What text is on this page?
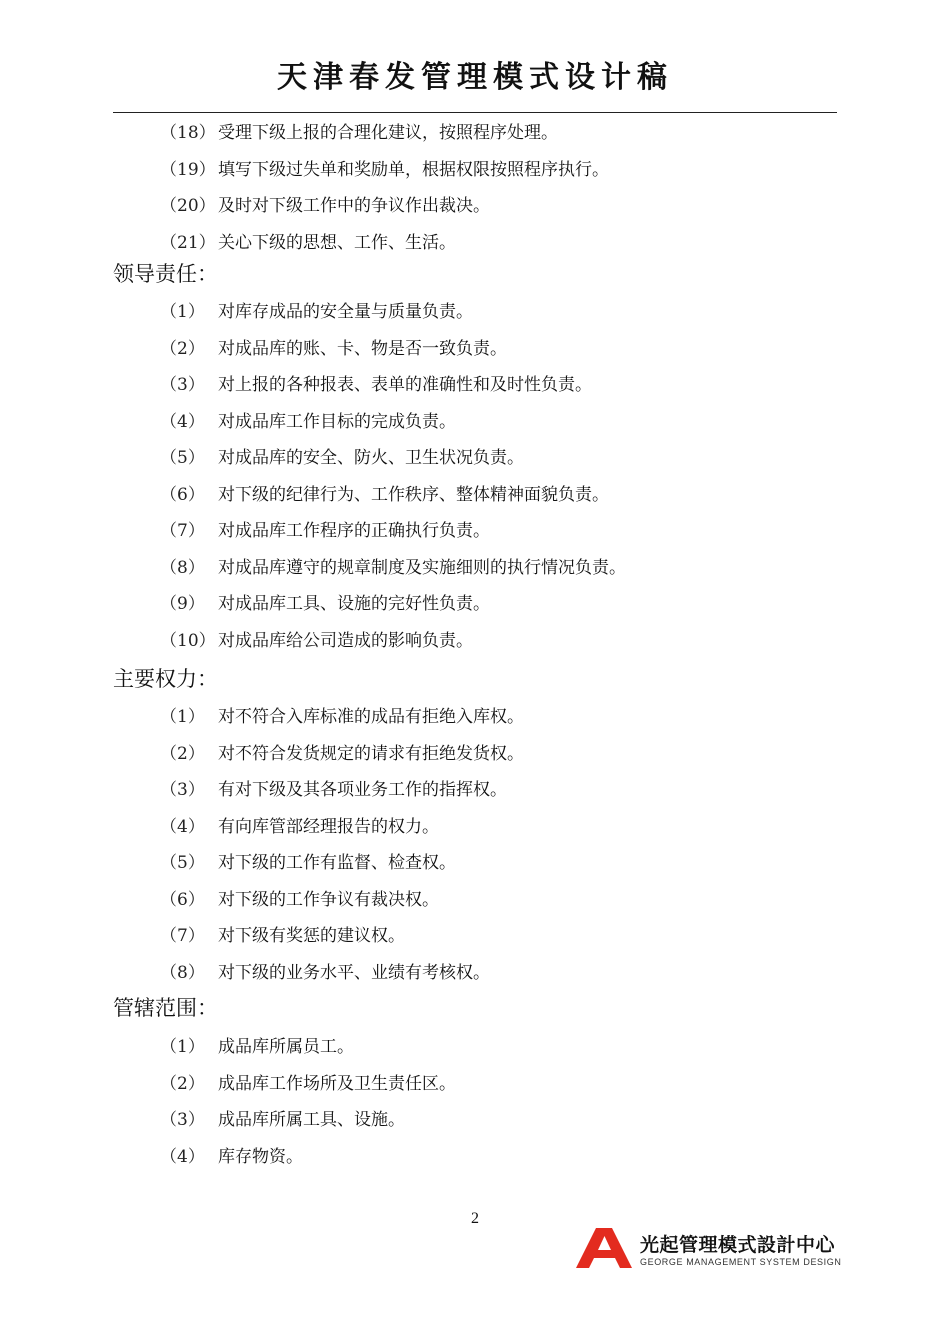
天津春发管理模式设计稿
（18） 受理下级上报的合理化建议，按照程序处理。
（19） 填写下级过失单和奖励单，根据权限按照程序执行。
（20） 及时对下级工作中的争议作出裁决。
（21） 关心下级的思想、工作、生活。
领导责任：
（1） 对库存成品的安全量与质量负责。
（2） 对成品库的账、卡、物是否一致负责。
（3） 对上报的各种报表、表单的准确性和及时性负责。
（4） 对成品库工作目标的完成负责。
（5） 对成品库的安全、防火、卫生状况负责。
（6） 对下级的纪律行为、工作秩序、整体精神面貌负责。
（7） 对成品库工作程序的正确执行负责。
（8） 对成品库遵守的规章制度及实施细则的执行情况负责。
（9） 对成品库工具、设施的完好性负责。
（10） 对成品库给公司造成的影响负责。
主要权力：
（1） 对不符合入库标准的成品有拒绝入库权。
（2） 对不符合发货规定的请求有拒绝发货权。
（3） 有对下级及其各项业务工作的指挥权。
（4） 有向库管部经理报告的权力。
（5） 对下级的工作有监督、检查权。
（6） 对下级的工作争议有裁决权。
（7） 对下级有奖惩的建议权。
（8） 对下级的业务水平、业绩有考核权。
管辖范围：
（1） 成品库所属员工。
（2） 成品库工作场所及卫生责任区。
（3） 成品库所属工具、设施。
（4） 库存物资。
2
光起管理模式設計中心
GEORGE MANAGEMENT SYSTEM DESIGN
